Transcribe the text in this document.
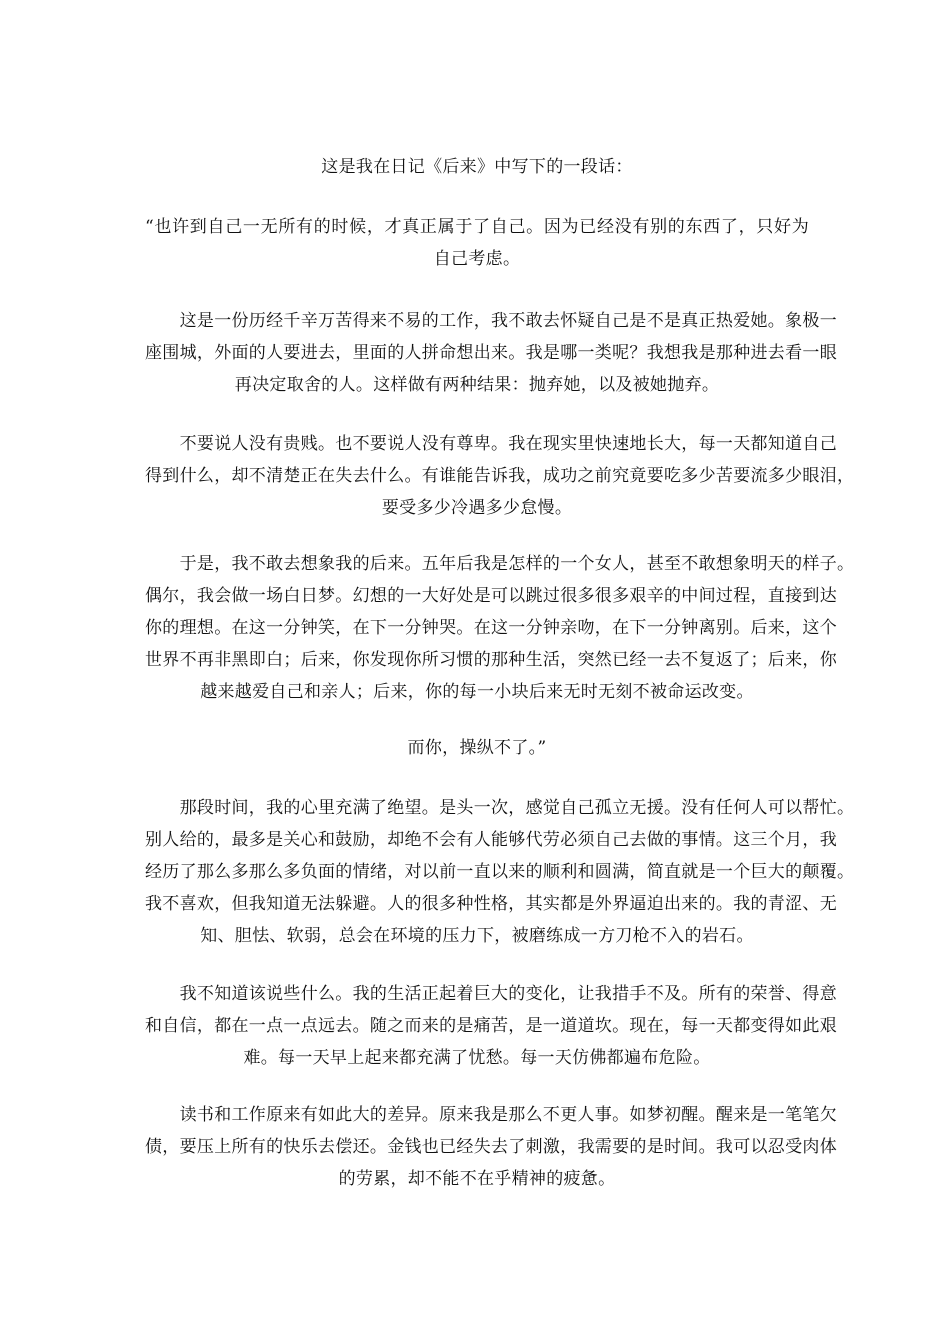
这是我在日记《后来》中写下的一段话：
“也许到自己一无所有的时候，才真正属于了自己。因为已经没有别的东西了，只好为
自己考虑。
　　这是一份历经千辛万苦得来不易的工作，我不敢去怀疑自己是不是真正热爱她。象极一
座围城，外面的人要进去，里面的人拼命想出来。我是哪一类呢？我想我是那种进去看一眼
再决定取舍的人。这样做有两种结果：抛弃她，以及被她抛弃。
　　不要说人没有贵贱。也不要说人没有尊卑。我在现实里快速地长大，每一天都知道自己
得到什么，却不清楚正在失去什么。有谁能告诉我，成功之前究竟要吃多少苦要流多少眼泪，
要受多少冷遇多少怠慢。
　　于是，我不敢去想象我的后来。五年后我是怎样的一个女人，甚至不敢想象明天的样子。
偶尔，我会做一场白日梦。幻想的一大好处是可以跳过很多很多艰辛的中间过程，直接到达
你的理想。在这一分钟笑，在下一分钟哭。在这一分钟亲吻，在下一分钟离别。后来，这个
世界不再非黑即白；后来，你发现你所习惯的那种生活，突然已经一去不复返了；后来，你
越来越爱自己和亲人；后来，你的每一小块后来无时无刻不被命运改变。
而你，操纵不了。”
　　那段时间，我的心里充满了绝望。是头一次，感觉自己孤立无援。没有任何人可以帮忙。
别人给的，最多是关心和鼓励，却绝不会有人能够代劳必须自己去做的事情。这三个月，我
经历了那么多那么多负面的情绪，对以前一直以来的顺利和圆满，简直就是一个巨大的颠覆。
我不喜欢，但我知道无法躲避。人的很多种性格，其实都是外界逼迫出来的。我的青涩、无
知、胆怯、软弱，总会在环境的压力下，被磨练成一方刀枪不入的岩石。
　　我不知道该说些什么。我的生活正起着巨大的变化，让我措手不及。所有的荣誉、得意
和自信，都在一点一点远去。随之而来的是痛苦，是一道道坎。现在，每一天都变得如此艰
难。每一天早上起来都充满了忧愁。每一天仿佛都遍布危险。
　　读书和工作原来有如此大的差异。原来我是那么不更人事。如梦初醒。醒来是一笔笔欠
债，要压上所有的快乐去偿还。金钱也已经失去了刺激，我需要的是时间。我可以忍受肉体
的劳累，却不能不在乎精神的疲惫。
